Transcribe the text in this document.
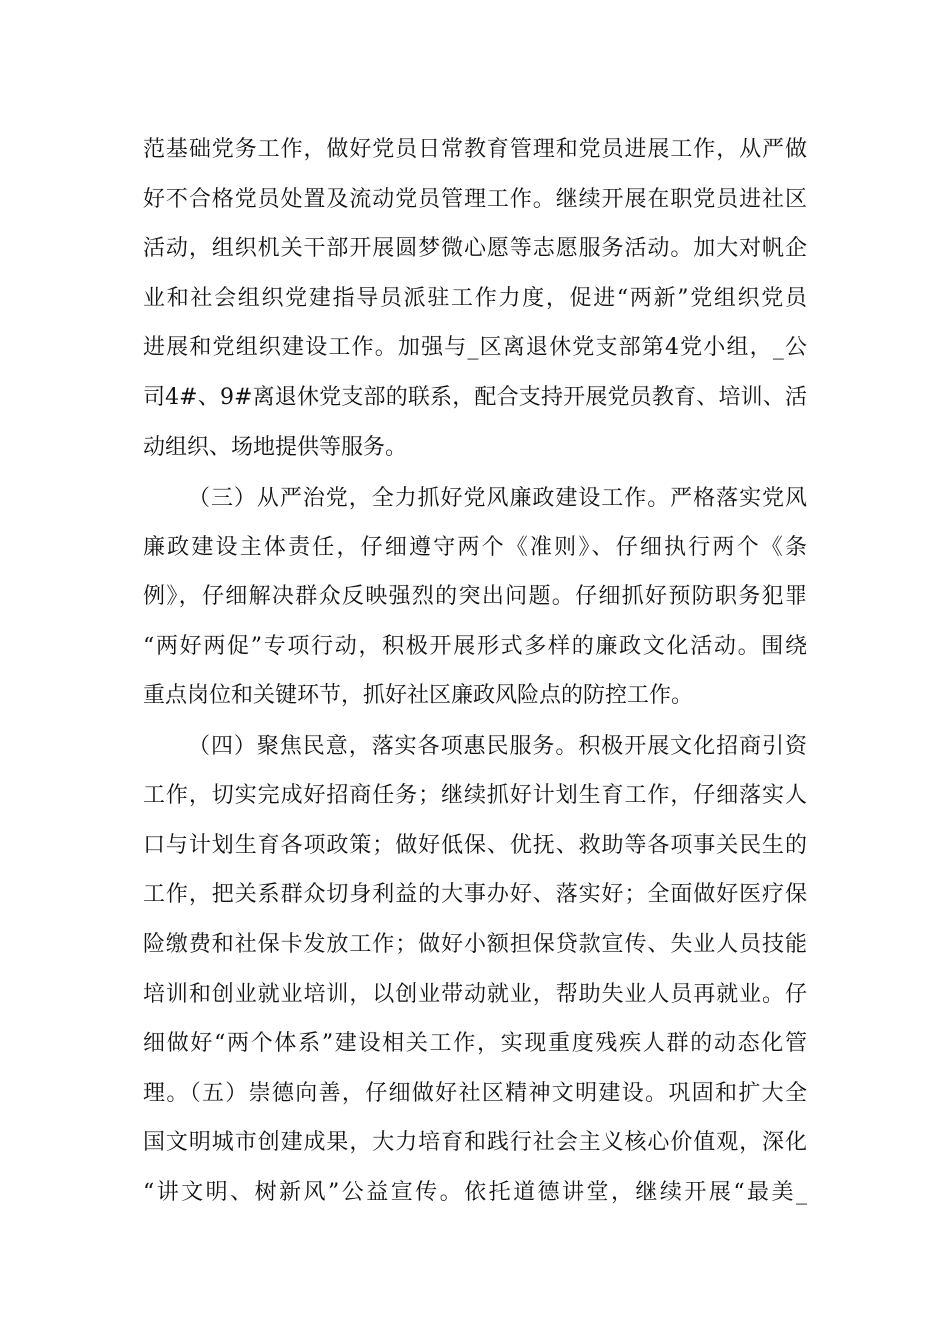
范基础党务工作，做好党员日常教育管理和党员进展工作，从严做
好不合格党员处置及流动党员管理工作。继续开展在职党员进社区
活动，组织机关干部开展圆梦微心愿等志愿服务活动。加大对帆企
业和社会组织党建指导员派驻工作力度，促进“两新”党组织党员
进展和党组织建设工作。加强与_区离退休党支部第4党小组，_公
司4#、9#离退休党支部的联系，配合支持开展党员教育、培训、活
动组织、场地提供等服务。
（三）从严治党，全力抓好党风廉政建设工作。严格落实党风
廉政建设主体责任，仔细遵守两个《准则》、仔细执行两个《条
例》，仔细解决群众反映强烈的突出问题。仔细抓好预防职务犯罪
“两好两促”专项行动，积极开展形式多样的廉政文化活动。围绕
重点岗位和关键环节，抓好社区廉政风险点的防控工作。
（四）聚焦民意，落实各项惠民服务。积极开展文化招商引资
工作，切实完成好招商任务；继续抓好计划生育工作，仔细落实人
口与计划生育各项政策；做好低保、优抚、救助等各项事关民生的
工作，把关系群众切身利益的大事办好、落实好；全面做好医疗保
险缴费和社保卡发放工作；做好小额担保贷款宣传、失业人员技能
培训和创业就业培训，以创业带动就业，帮助失业人员再就业。仔
细做好“两个体系”建设相关工作，实现重度残疾人群的动态化管
理。（五）崇德向善，仔细做好社区精神文明建设。巩固和扩大全
国文明城市创建成果，大力培育和践行社会主义核心价值观，深化
“讲文明、树新风”公益宣传。依托道德讲堂，继续开展“最美_
